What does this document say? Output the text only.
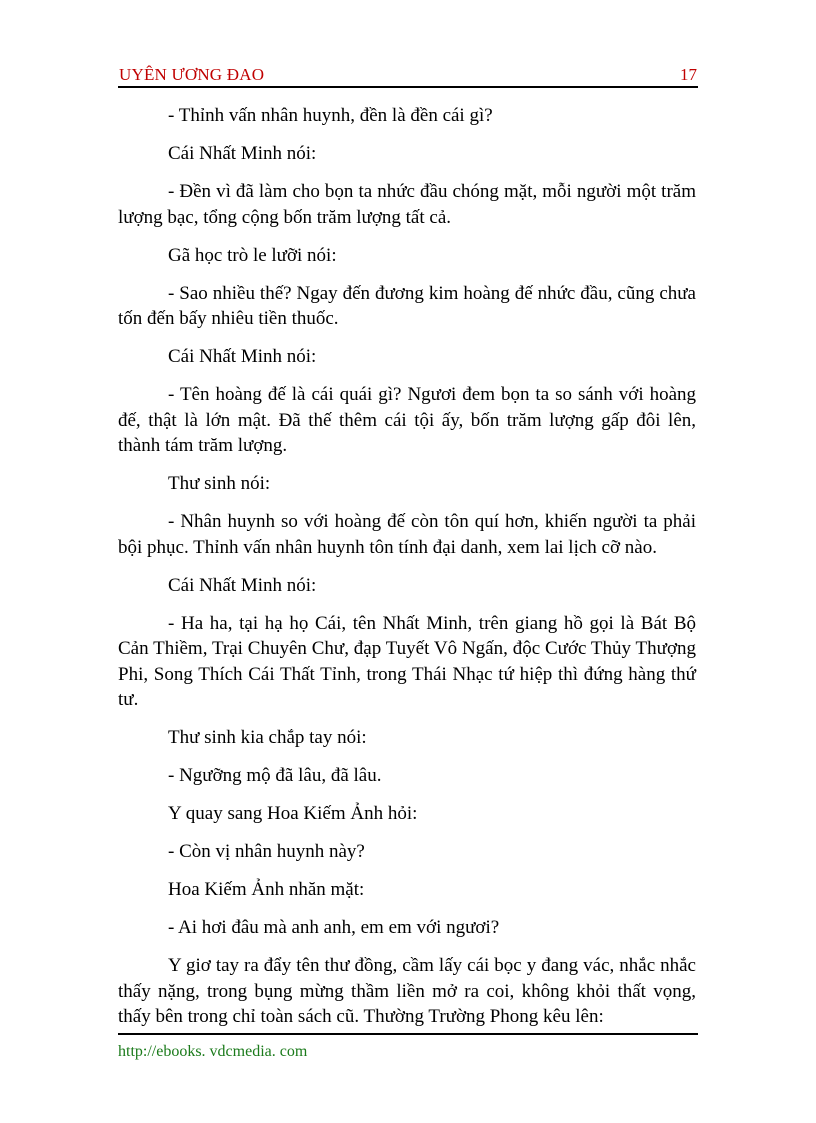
UYÊN ƯƠNG ĐAO	17

- Thỉnh vấn nhân huynh, đền là đền cái gì?

Cái Nhất Minh nói:

- Đền vì đã làm cho bọn ta nhức đầu chóng mặt, mỗi người một trăm lượng bạc, tổng cộng bốn trăm lượng tất cả.

Gã học trò le lưỡi nói:

- Sao nhiều thế? Ngay đến đương kim hoàng đế nhức đầu, cũng chưa tốn đến bấy nhiêu tiền thuốc.

Cái Nhất Minh nói:

- Tên hoàng đế là cái quái gì? Ngươi đem bọn ta so sánh với hoàng đế, thật là lớn mật. Đã thế thêm cái tội ấy, bốn trăm lượng gấp đôi lên, thành tám trăm lượng.

Thư sinh nói:

- Nhân huynh so với hoàng đế còn tôn quí hơn, khiến người ta phải bội phục. Thỉnh vấn nhân huynh tôn tính đại danh, xem lai lịch cỡ nào.

Cái Nhất Minh nói:

- Ha ha, tại hạ họ Cái, tên Nhất Minh, trên giang hồ gọi là Bát Bộ Cản Thiềm, Trại Chuyên Chư, đạp Tuyết Vô Ngấn, độc Cước Thủy Thượng Phi, Song Thích Cái Thất Tỉnh, trong Thái Nhạc tứ hiệp thì đứng hàng thứ tư.

Thư sinh kia chắp tay nói:

- Ngưỡng mộ đã lâu, đã lâu.

Y quay sang Hoa Kiếm Ảnh hỏi:

- Còn vị nhân huynh này?

Hoa Kiếm Ảnh nhăn mặt:

- Ai hơi đâu mà anh anh, em em với ngươi?

Y giơ tay ra đẩy tên thư đồng, cầm lấy cái bọc y đang vác, nhắc nhắc thấy nặng, trong bụng mừng thầm liền mở ra coi, không khỏi thất vọng, thấy bên trong chỉ toàn sách cũ. Thường Trường Phong kêu lên:

http://ebooks. vdcmedia. com
